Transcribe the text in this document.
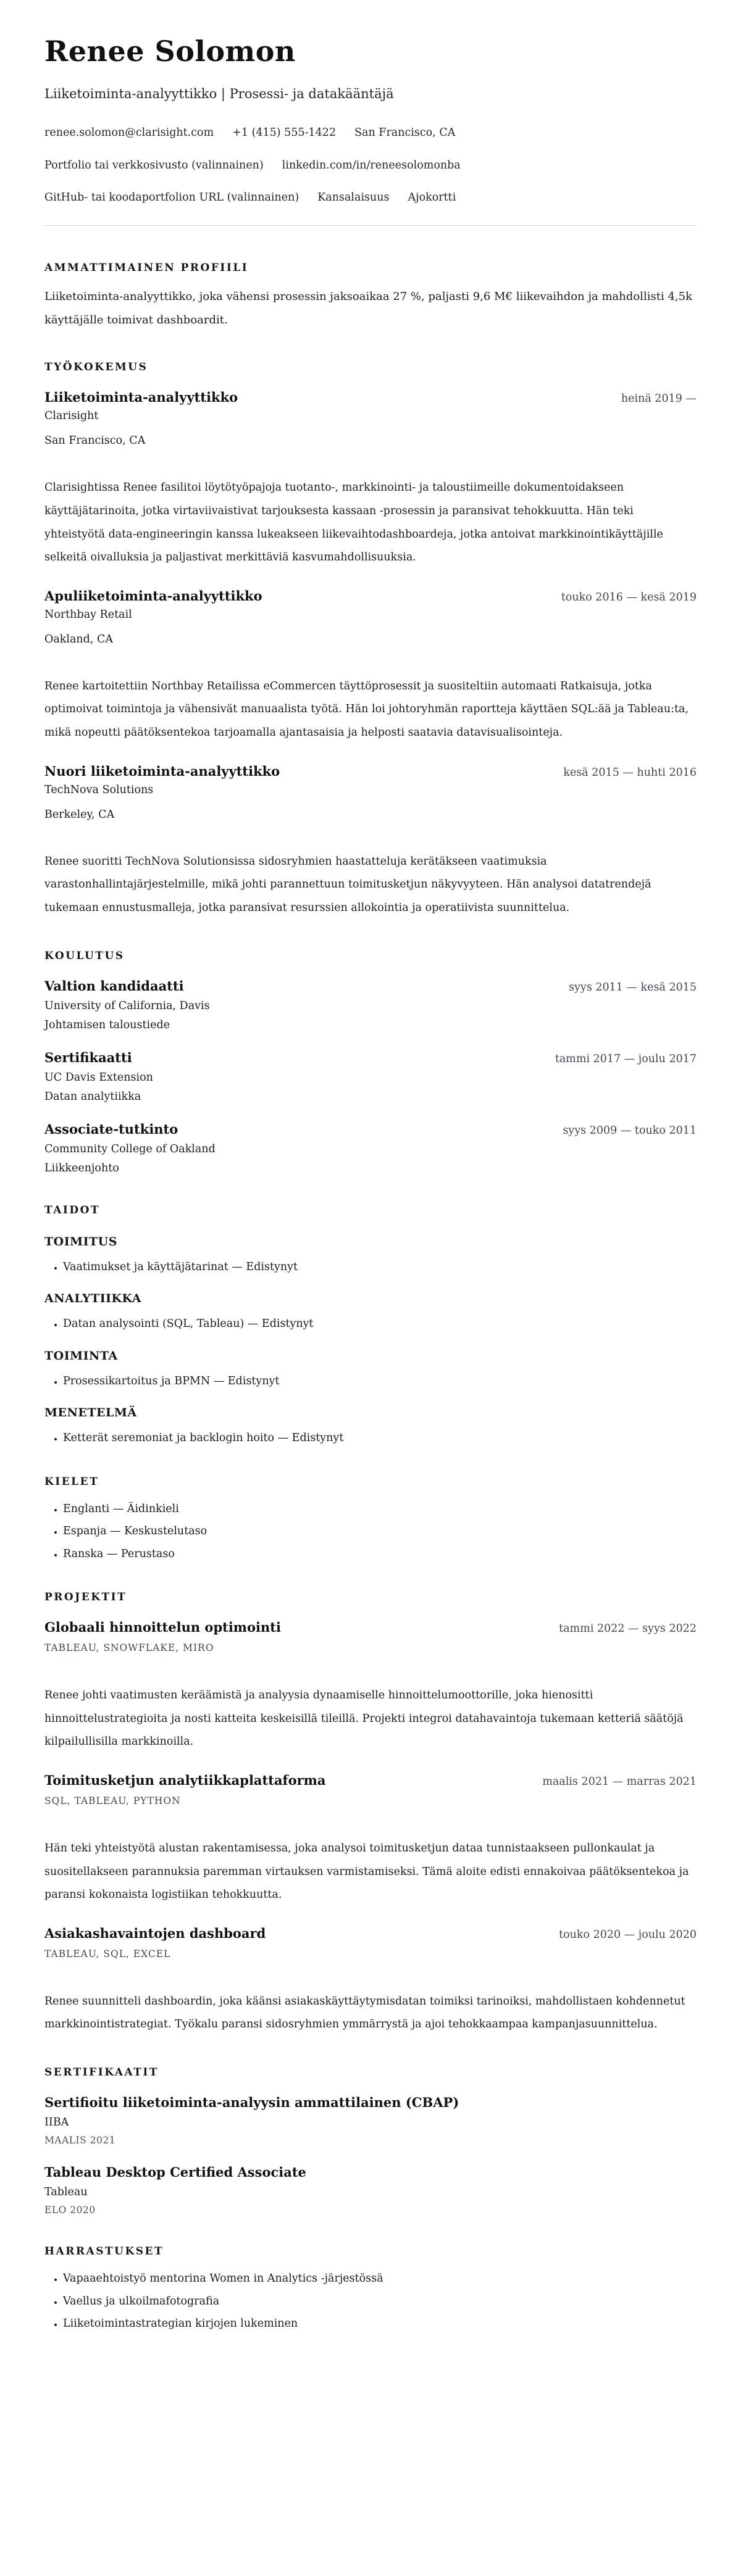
Renee Solomon

Liiketoiminta-analyyttikko | Prosessi- ja datakääntäjä

renee.solomon@clarisight.com +1 (415) 555-1422 San Francisco, CA
Portfolio tai verkkosivusto (valinnainen) linkedin.com/in/reneesolomonba
GitHub- tai koodaportfolion URL (valinnainen) Kansalaisuus Ajokortti
AMMATTIMAINEN PROFIILI

Liiketoiminta-analyyttikko, joka vähensi prosessin jaksoaikaa 27 %, paljasti 9,6 M€ liikevaihdon ja mahdollisti 4,5k käyttäjälle toimivat dashboardit.

TYÖKOKEMUS
Liiketoiminta-analyyttikko	heinä 2019 —

Clarisight

San Francisco, CA

Clarisightissa Renee fasilitoi löytötyöpajoja tuotanto-, markkinointi- ja taloustiimeille dokumentoidakseen käyttäjätarinoita, jotka virtaviivaistivat tarjouksesta kassaan -prosessin ja paransivat tehokkuutta. Hän teki yhteistyötä data-engineeringin kanssa lukeakseen liikevaihtodashboardeja, jotka antoivat markkinointikäyttäjille selkeitä oivalluksia ja paljastivat merkittäviä kasvumahdollisuuksia.

Apuliiketoiminta-analyyttikko	touko 2016 — kesä 2019

Northbay Retail

Oakland, CA

Renee kartoitettiin Northbay Retailissa eCommercen täyttöprosessit ja suositeltiin automaati Ratkaisuja, jotka optimoivat toimintoja ja vähensivät manuaalista työtä. Hän loi johtoryhmän raportteja käyttäen SQL:ää ja Tableau:ta, mikä nopeutti päätöksentekoa tarjoamalla ajantasaisia ja helposti saatavia datavisualisointeja.

Nuori liiketoiminta-analyyttikko	kesä 2015 — huhti 2016

TechNova Solutions

Berkeley, CA

Renee suoritti TechNova Solutionsissa sidosryhmien haastatteluja kerätäkseen vaatimuksia varastonhallintajärjestelmille, mikä johti parannettuun toimitusketjun näkyvyyteen. Hän analysoi datatrendejä tukemaan ennustusmalleja, jotka paransivat resurssien allokointia ja operatiivista suunnittelua.

KOULUTUS
Valtion kandidaatti	syys 2011 — kesä 2015

University of California, Davis

Johtamisen taloustiede

Sertifikaatti	tammi 2017 — joulu 2017

UC Davis Extension

Datan analytiikka

Associate-tutkinto	syys 2009 — touko 2011

Community College of Oakland

Liikkeenjohto

TAIDOT
TOIMITUS
• Vaatimukset ja käyttäjätarinat — Edistynyt
ANALYTIIKKA
• Datan analysointi (SQL, Tableau) — Edistynyt
TOIMINTA
• Prosessikartoitus ja BPMN — Edistynyt
MENETELMÄ
• Ketterät seremoniat ja backlogin hoito — Edistynyt
KIELET
• Englanti — Äidinkieli
• Espanja — Keskustelutaso
• Ranska — Perustaso
PROJEKTIT
Globaali hinnoittelun optimointi	tammi 2022 — syys 2022

TABLEAU, SNOWFLAKE, MIRO

Renee johti vaatimusten keräämistä ja analyysia dynaamiselle hinnoittelumoottorille, joka hienositti hinnoittelustrategioita ja nosti katteita keskeisillä tileillä. Projekti integroi datahavaintoja tukemaan ketteriä säätöjä kilpailullisilla markkinoilla.

Toimitusketjun analytiikkaplattaforma	maalis 2021 — marras 2021

SQL, TABLEAU, PYTHON

Hän teki yhteistyötä alustan rakentamisessa, joka analysoi toimitusketjun dataa tunnistaakseen pullonkaulat ja suositellakseen parannuksia paremman virtauksen varmistamiseksi. Tämä aloite edisti ennakoivaa päätöksentekoa ja paransi kokonaista logistiikan tehokkuutta.

Asiakashavaintojen dashboard	touko 2020 — joulu 2020

TABLEAU, SQL, EXCEL

Renee suunnitteli dashboardin, joka käänsi asiakaskäyttäytymisdatan toimiksi tarinoiksi, mahdollistaen kohdennetut markkinointistrategiat. Työkalu paransi sidosryhmien ymmärrystä ja ajoi tehokkaampaa kampanjasuunnittelua.

SERTIFIKAATIT
Sertifioitu liiketoiminta-analyysin ammattilainen (CBAP)

IIBA

MAALIS 2021

Tableau Desktop Certified Associate

Tableau

ELO 2020

HARRASTUKSET
• Vapaaehtoistyö mentorina Women in Analytics -järjestössä
• Vaellus ja ulkoilmafotografia
• Liiketoimintastrategian kirjojen lukeminen
